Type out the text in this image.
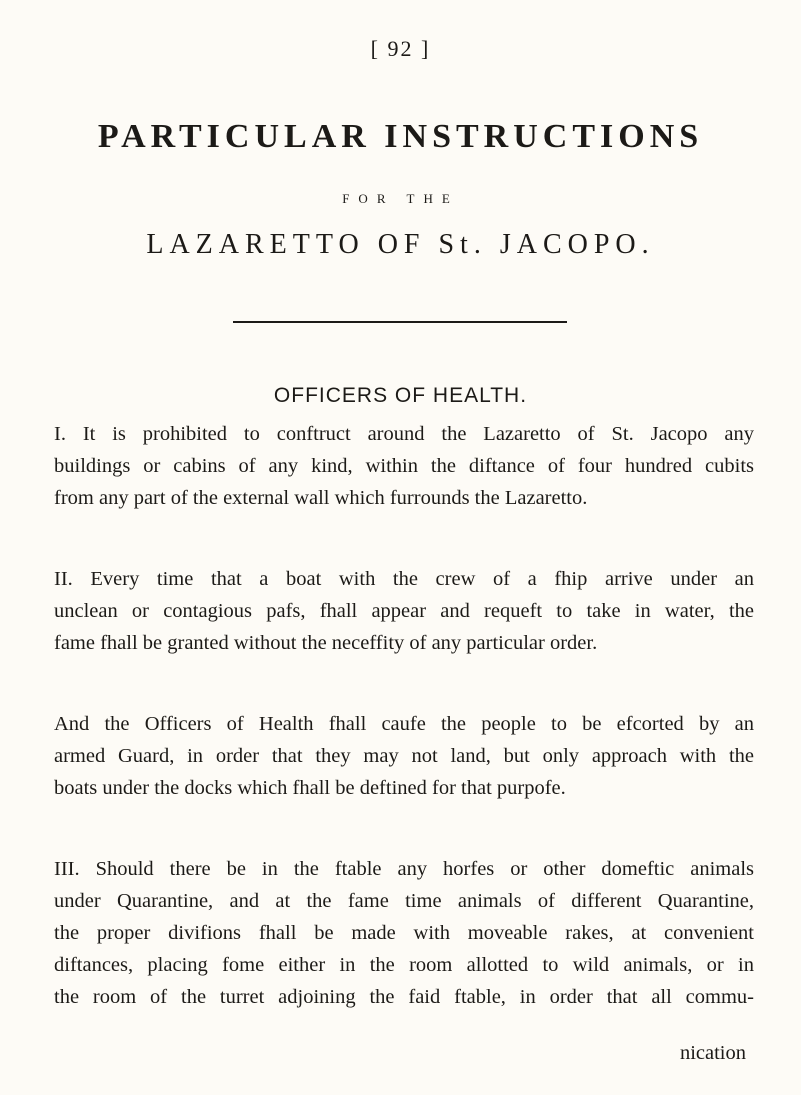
[ 92 ]
PARTICULAR INSTRUCTIONS
FOR THE
LAZARETTO OF St. JACOPO.
OFFICERS OF HEALTH.
I. It is prohibited to conftruct around the Lazaretto of St. Jacopo any
buildings or cabins of any kind, within the diftance of four hundred cubits
from any part of the external wall which furrounds the Lazaretto.
II. Every time that a boat with the crew of a fhip arrive under an
unclean or contagious pafs, fhall appear and requeft to take in water, the
fame fhall be granted without the neceffity of any particular order.
And the Officers of Health fhall caufe the people to be efcorted by an
armed Guard, in order that they may not land, but only approach with the
boats under the docks which fhall be deftined for that purpofe.
III. Should there be in the ftable any horfes or other domeftic animals
under Quarantine, and at the fame time animals of different Quarantine,
the proper divifions fhall be made with moveable rakes, at convenient
diftances, placing fome either in the room allotted to wild animals, or in
the room of the turret adjoining the faid ftable, in order that all commu-
nication
